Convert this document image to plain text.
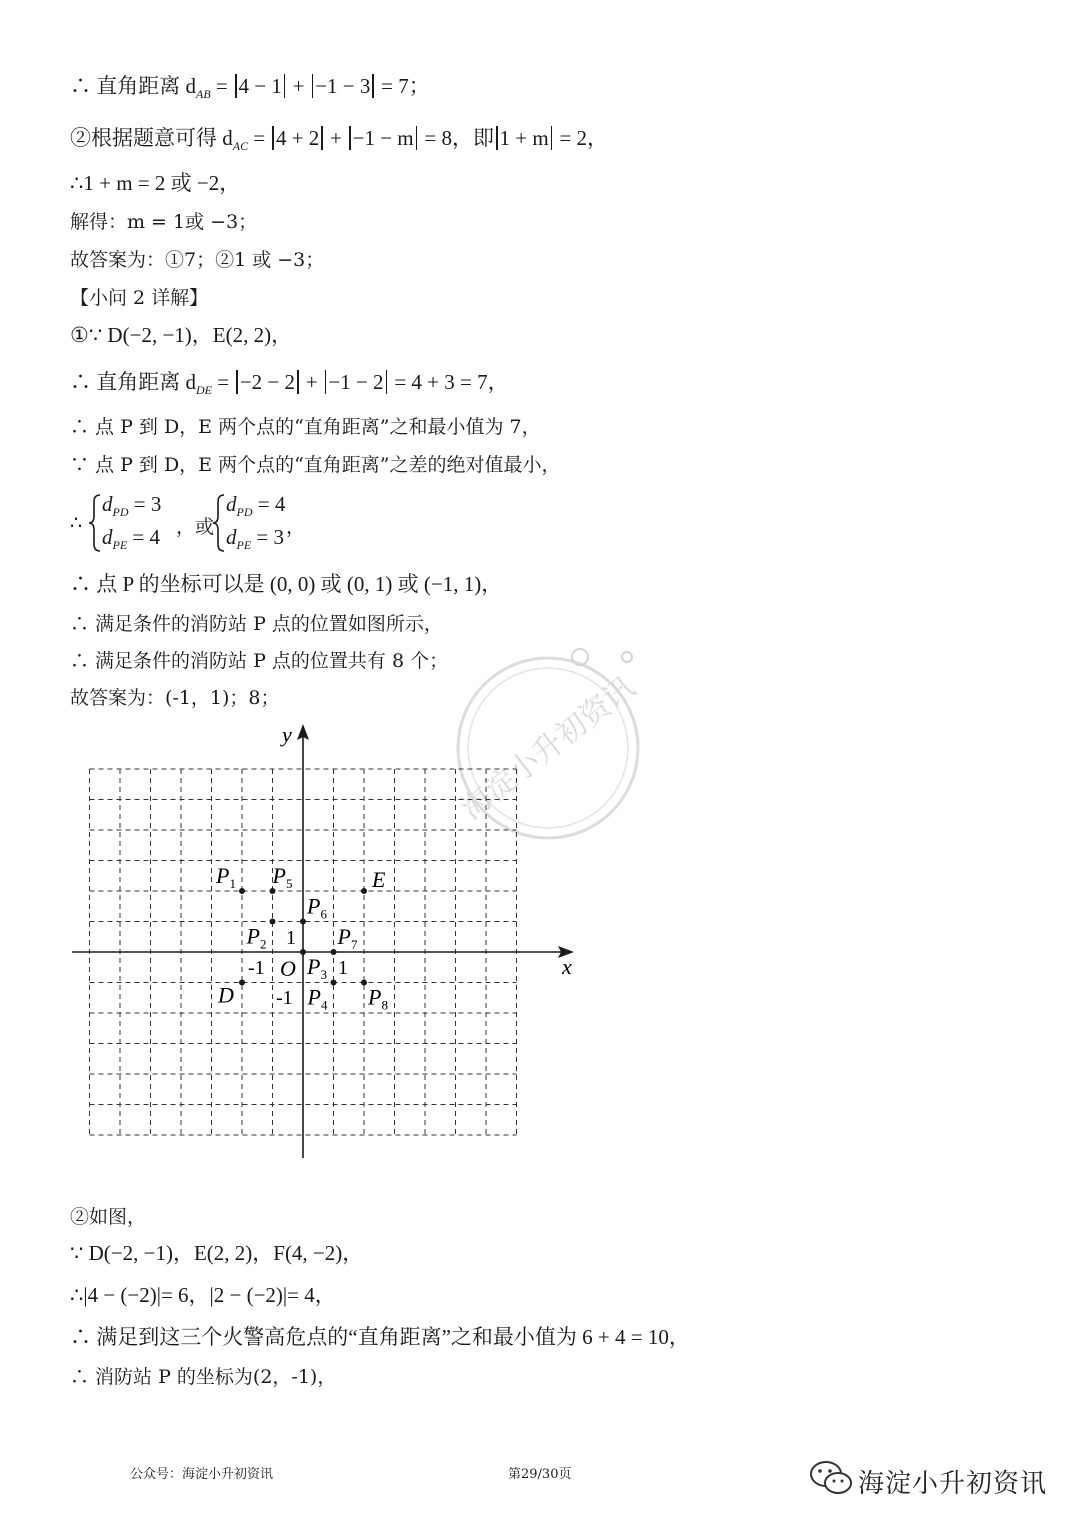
∴ 直角距离 $d_{AB} = 4 - 1 + -1 - 3 = 7$；
②根据题意可得 $d_{AC} = 4 + 2 + -1 - m = 8$，即 1 + m = 2，
∴1 + m = 2 或 −2，
解得：m = 1或 −3；
故答案为：①7；②1 或 −3；
【小问 2 详解】
①∵ D(−2, −1)，E(2, 2)，
∴ 直角距离 $d_{DE} = -2 - 2 + -1 - 2 = 4 + 3 = 7$，
∴ 点 P 到 D，E 两个点的“直角距离”之和最小值为 7，
∵ 点 P 到 D，E 两个点的“直角距离”之差的绝对值最小，
∴
$d_{PD} = 3$
$d_{PE} = 4$ ，或
$d_{PD} = 4$
$d_{PE} = 3$ ，
∴ 点 P 的坐标可以是 (0, 0) 或 (0, 1) 或 (−1, 1)，
∴ 满足条件的消防站 P 点的位置如图所示，
∴ 满足条件的消防站 P 点的位置共有 8 个；
故答案为：(-1，1)；8；	海淀小升初资讯
x
y
O
1
-1	1
-1
$P_1$ $P_5$	E
$P_6$
$P_2$	$P_7$
$P_3$
D	$P_4$ $P_8$
②如图，
∵ D(−2, −1)，E(2, 2)，F(4, −2)，
∴|4 − (−2)|= 6，|2 − (−2)|= 4，
∴ 满足到这三个火警高危点的“直角距离”之和最小值为 6 + 4 = 10，
∴ 消防站 P 的坐标为(2，-1)，
公众号：海淀小升初资讯	第29/30页	海淀小升初资讯
